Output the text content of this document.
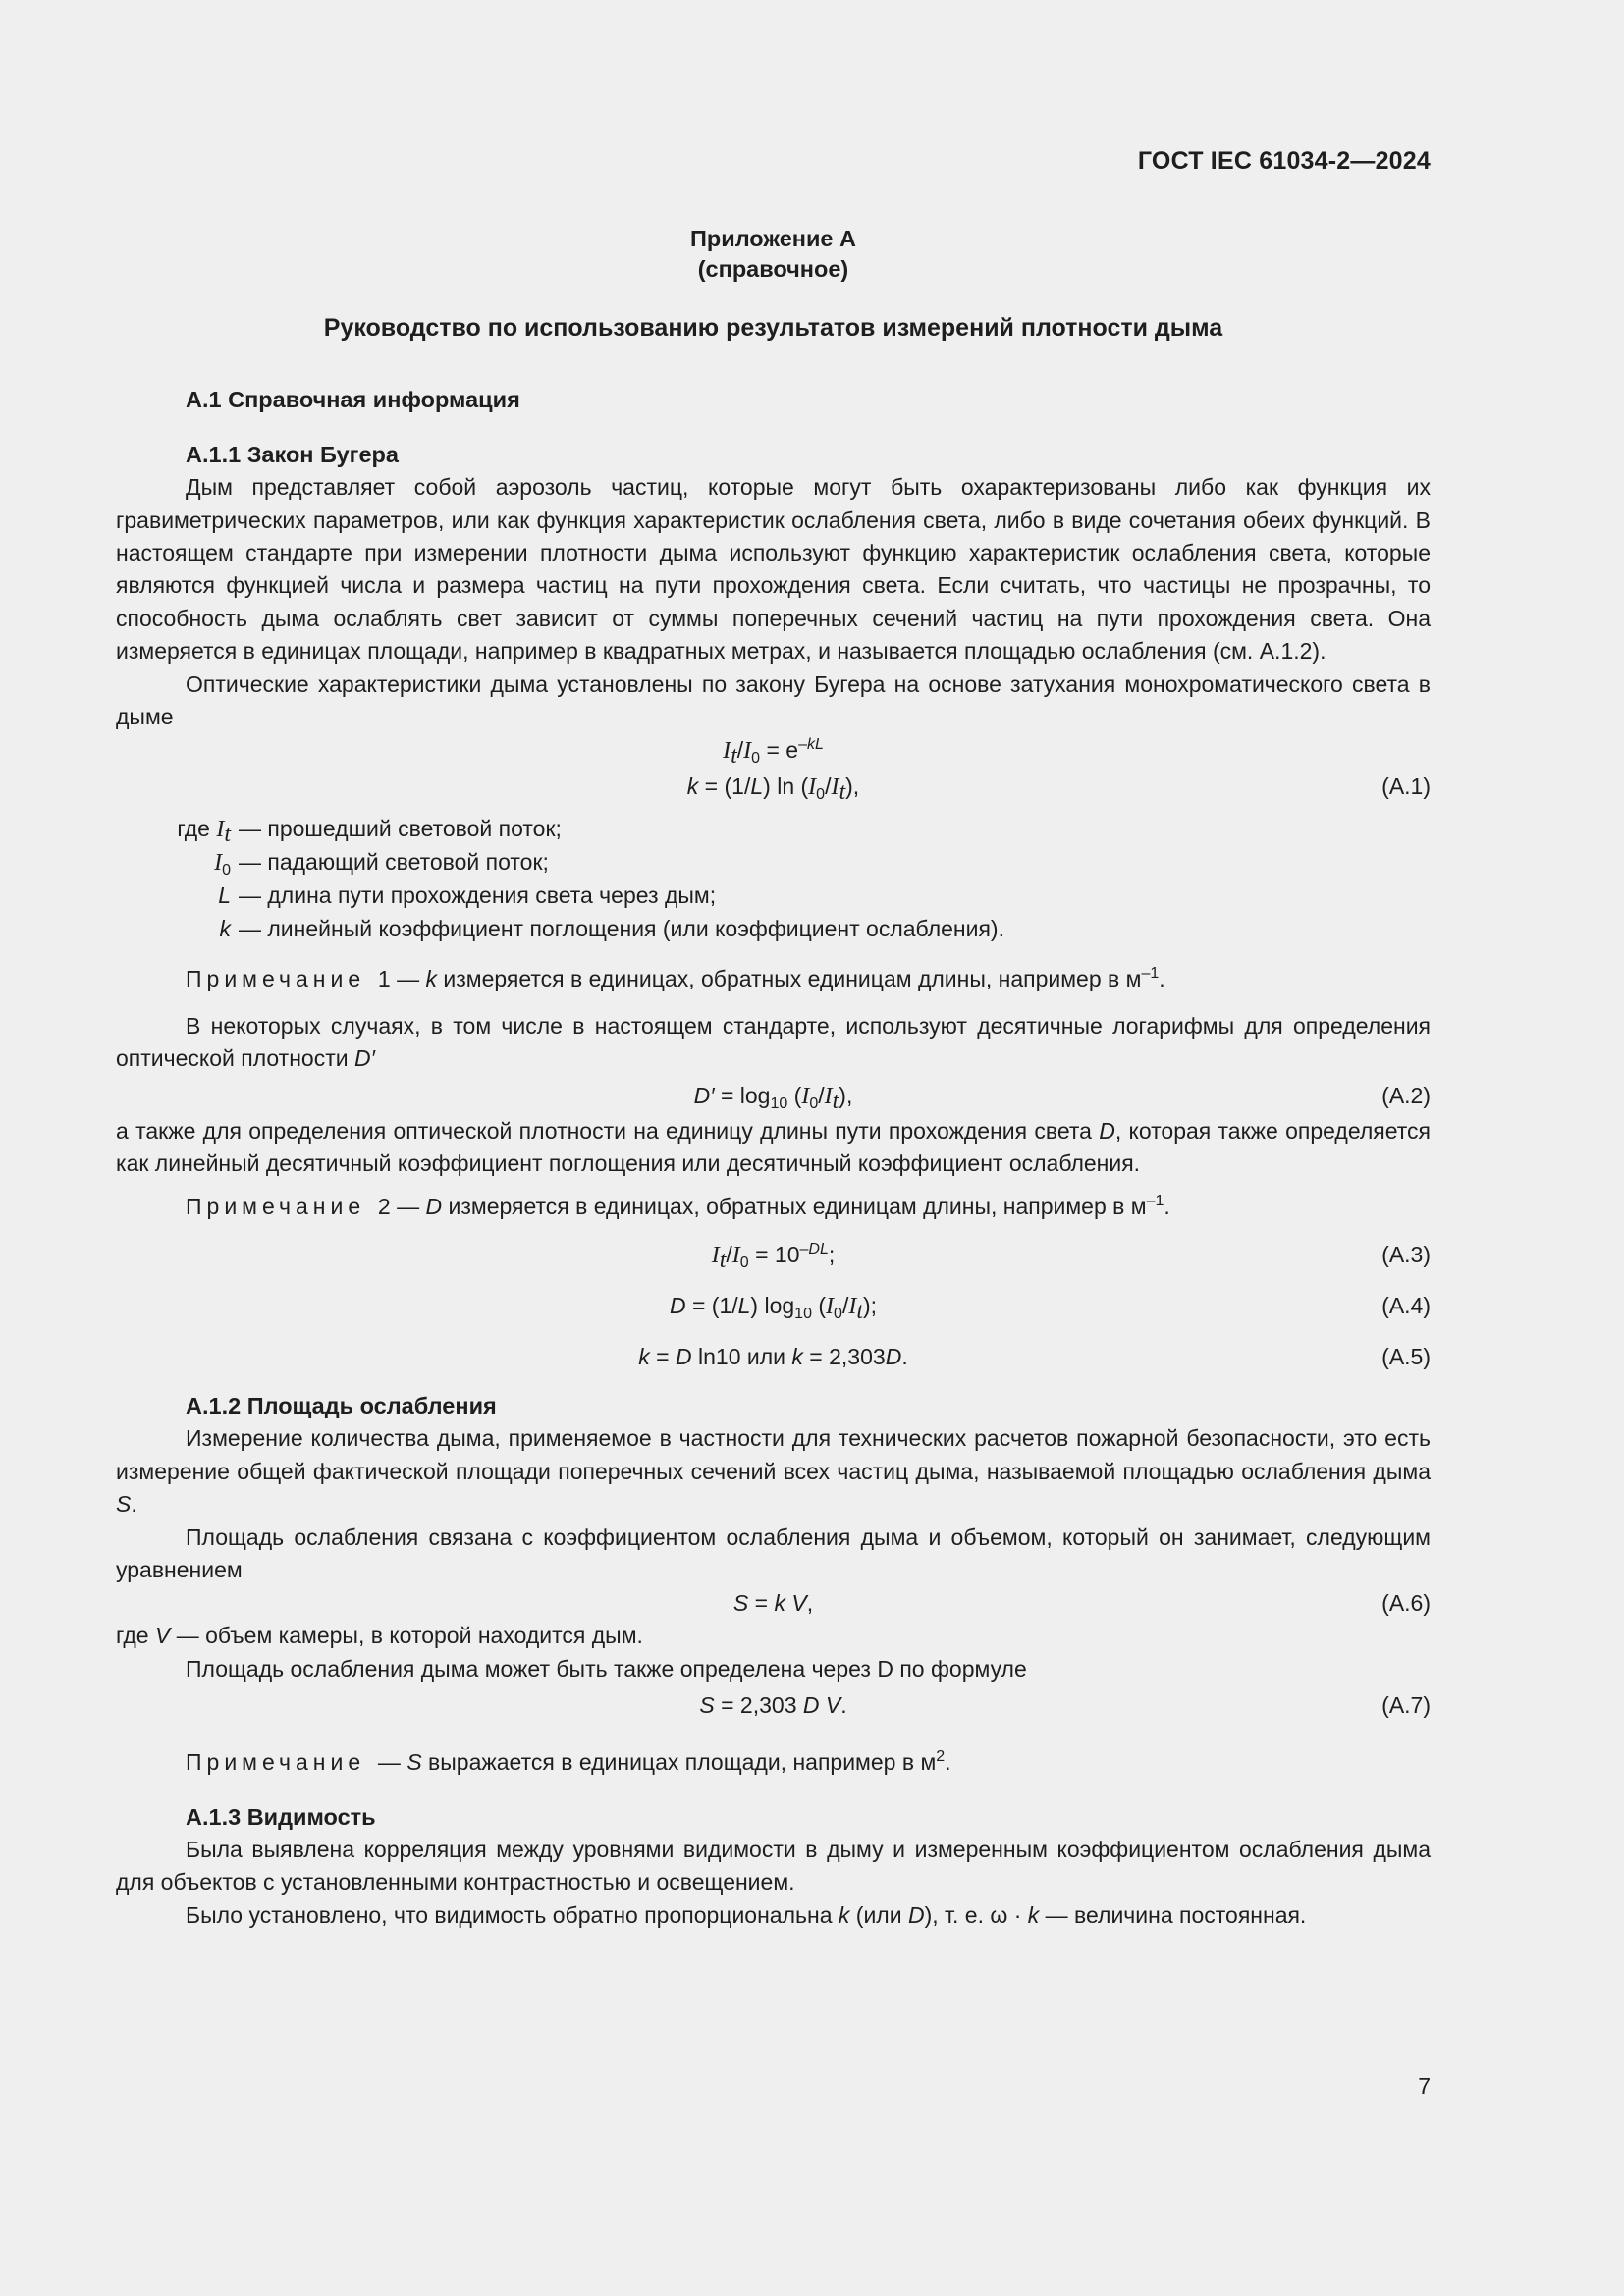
ГОСТ IEC 61034-2—2024
Приложение А
(справочное)
Руководство по использованию результатов измерений плотности дыма
А.1 Справочная информация
А.1.1 Закон Бугера

Дым представляет собой аэрозоль частиц, которые могут быть охарактеризованы либо как функция их гравиметрических параметров, или как функция характеристик ослабления света, либо в виде сочетания обеих функций. В настоящем стандарте при измерении плотности дыма используют функцию характеристик ослабления света, которые являются функцией числа и размера частиц на пути прохождения света. Если считать, что частицы не прозрачны, то способность дыма ослаблять свет зависит от суммы поперечных сечений частиц на пути прохождения света. Она измеряется в единицах площади, например в квадратных метрах, и называется площадью ослабления (см. А.1.2).

Оптические характеристики дыма установлены по закону Бугера на основе затухания монохроматического света в дыме

$I_t/I_0 = e^{-kL}$
k = (1/L) $\ln (I_0/I_t)$,	(А.1)
где $I_t$ — прошедший световой поток;
$I_0$ — падающий световой поток;
L — длина пути прохождения света через дым;
k — линейный коэффициент поглощения (или коэффициент ослабления).

Примечание 1 — k измеряется в единицах, обратных единицам длины, например в $м^{-1}$.

В некоторых случаях, в том числе в настоящем стандарте, используют десятичные логарифмы для определения оптической плотности D′

$D' = \log_{10} (I_0/I_t)$,	(А.2)

а также для определения оптической плотности на единицу длины пути прохождения света D, которая также определяется как линейный десятичный коэффициент поглощения или десятичный коэффициент ослабления.

Примечание 2 — D измеряется в единицах, обратных единицам длины, например в $м^{-1}$.

$I_t/I_0 = 10^{-DL}$;	(А.3)
D = (1/L) $\log_{10} (I_0/I_t)$;	(А.4)
k = D ln10 или k = 2,303D.	(А.5)
А.1.2 Площадь ослабления

Измерение количества дыма, применяемое в частности для технических расчетов пожарной безопасности, это есть измерение общей фактической площади поперечных сечений всех частиц дыма, называемой площадью ослабления дыма S.

Площадь ослабления связана с коэффициентом ослабления дыма и объемом, который он занимает, следующим уравнением

S = k V,	(А.6)

где V — объем камеры, в которой находится дым.

Площадь ослабления дыма может быть также определена через D по формуле

S = 2,303 D V.	(А.7)

Примечание  — S выражается в единицах площади, например в $м^2$.

А.1.3 Видимость

Была выявлена корреляция между уровнями видимости в дыму и измеренным коэффициентом ослабления дыма для объектов с установленными контрастностью и освещением.

Было установлено, что видимость обратно пропорциональна k (или D), т. е. ω · k — величина постоянная.

7
